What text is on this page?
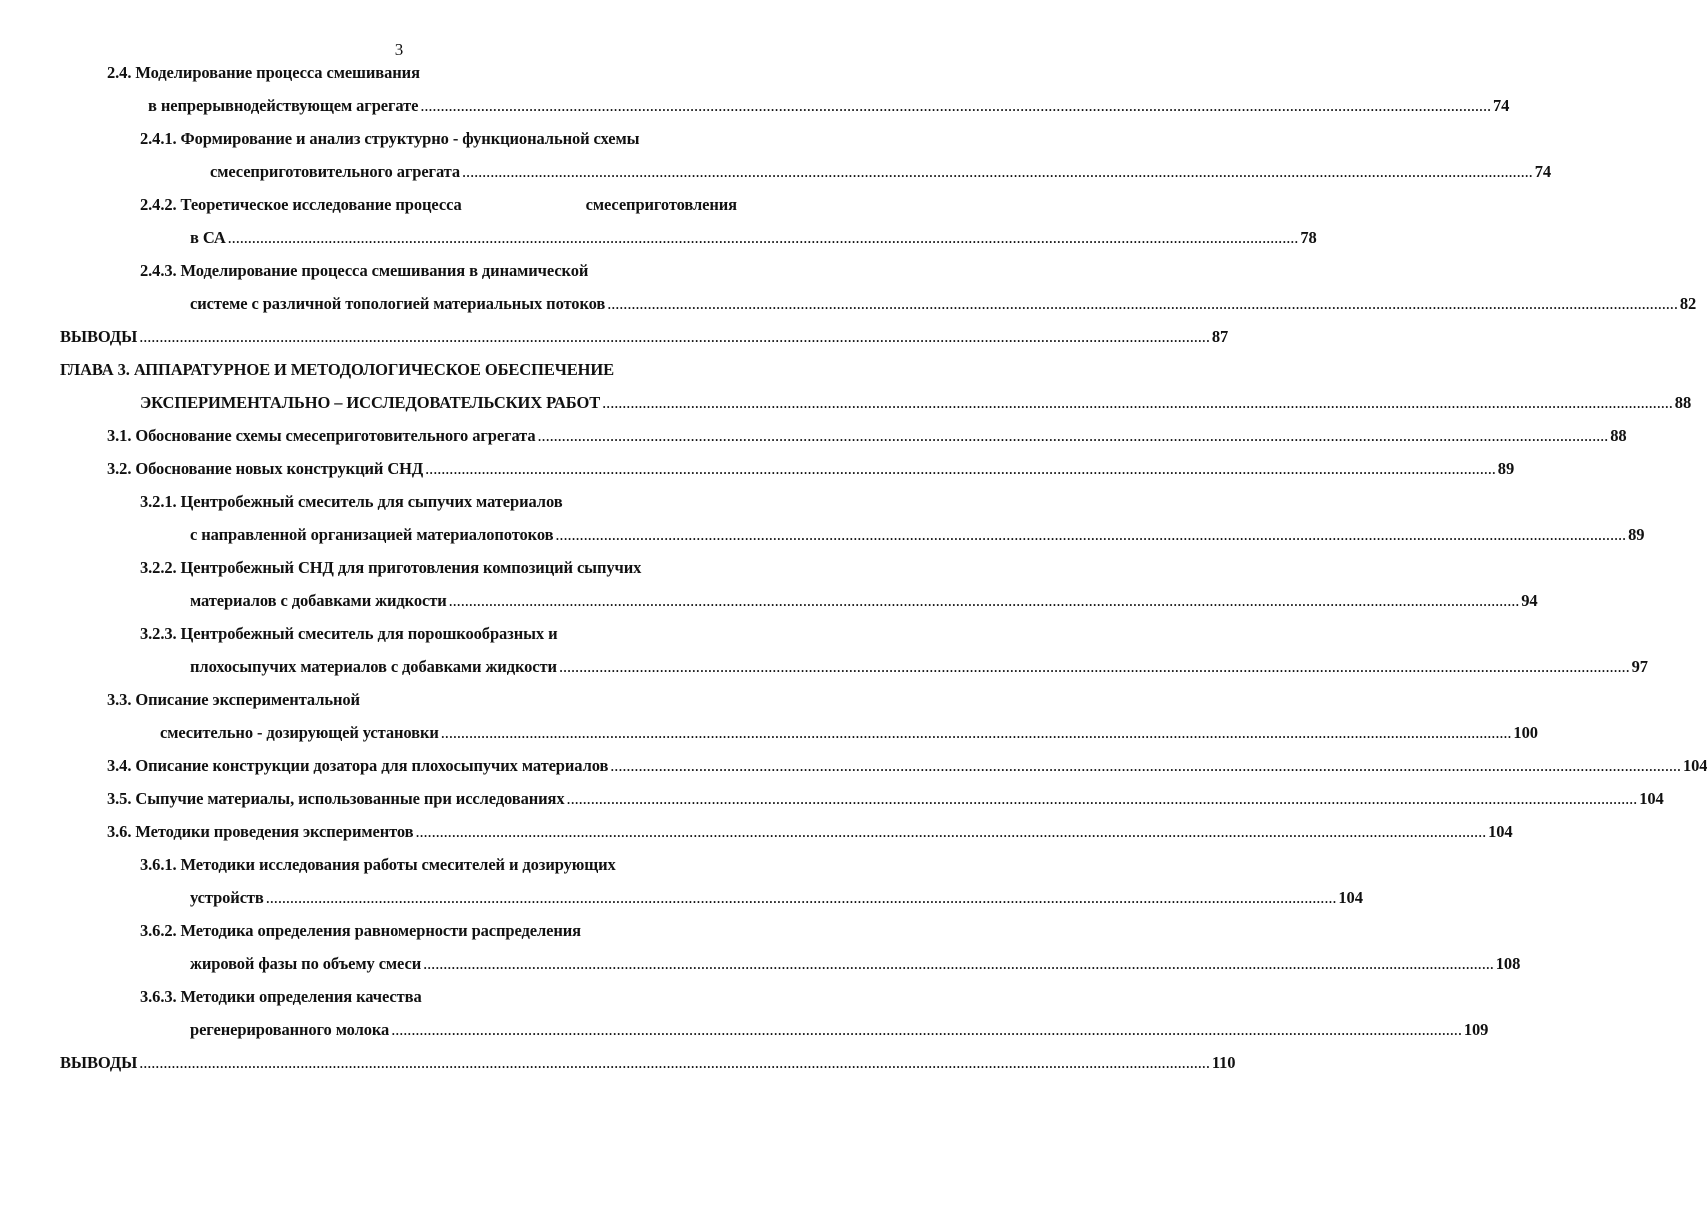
3
2.4. Моделирование процесса смешивания
в непрерывнодействующем агрегате .......................................................................................................................................................................................................................................................................... 74
2.4.1. Формирование и анализ структурно - функциональной схемы
смесеприготовительного агрегата .......................................................................................................................................................................................................................................................................... 74
2.4.2. Теоретическое исследование процесса	смесеприготовления
в СА .......................................................................................................................................................................................................................................................................... 78
2.4.3. Моделирование процесса смешивания в динамической
системе с различной топологией материальных потоков .......................................................................................................................................................................................................................................................................... 82
ВЫВОДЫ .......................................................................................................................................................................................................................................................................... 87
ГЛАВА 3. АППАРАТУРНОЕ И МЕТОДОЛОГИЧЕСКОЕ ОБЕСПЕЧЕНИЕ
ЭКСПЕРИМЕНТАЛЬНО – ИССЛЕДОВАТЕЛЬСКИХ РАБОТ .......................................................................................................................................................................................................................................................................... 88
3.1. Обоснование схемы смесеприготовительного агрегата .......................................................................................................................................................................................................................................................................... 88
3.2. Обоснование новых конструкций СНД .......................................................................................................................................................................................................................................................................... 89
3.2.1. Центробежный смеситель для сыпучих материалов
с направленной организацией материалопотоков .......................................................................................................................................................................................................................................................................... 89
3.2.2. Центробежный СНД для приготовления композиций сыпучих
материалов с добавками жидкости .......................................................................................................................................................................................................................................................................... 94
3.2.3. Центробежный смеситель для порошкообразных и
плохосыпучих материалов с добавками жидкости .......................................................................................................................................................................................................................................................................... 97
3.3. Описание экспериментальной
смесительно - дозирующей установки .......................................................................................................................................................................................................................................................................... 100
3.4. Описание конструкции дозатора для плохосыпучих материалов .......................................................................................................................................................................................................................................................................... 104
3.5. Сыпучие материалы, использованные при исследованиях .......................................................................................................................................................................................................................................................................... 104
3.6. Методики проведения экспериментов .......................................................................................................................................................................................................................................................................... 104
3.6.1. Методики исследования работы смесителей и дозирующих
устройств .......................................................................................................................................................................................................................................................................... 104
3.6.2. Методика определения равномерности распределения
жировой фазы по объему смеси .......................................................................................................................................................................................................................................................................... 108
3.6.3. Методики определения качества
регенерированного молока .......................................................................................................................................................................................................................................................................... 109
ВЫВОДЫ .......................................................................................................................................................................................................................................................................... 110
